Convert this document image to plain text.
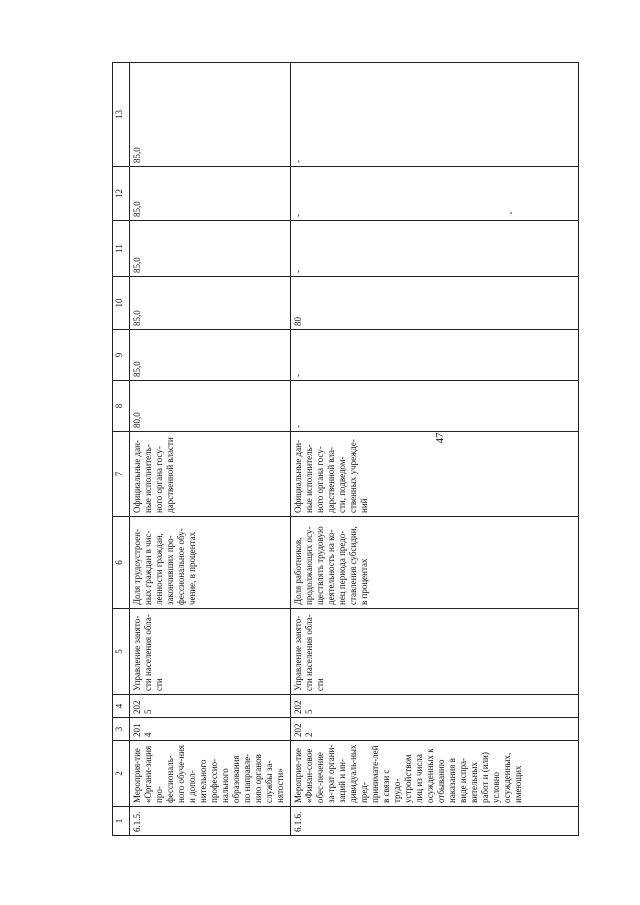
47
1	2	3	4	5	6	7	8	9	10	11	12	13
6.1.5.	Мероприя-тие «Органи-зация про-фессиональ-ного обуче-ния и допол-нительного профессио-нального образования по направле-нию органов службы за-нятости»	2014	2025	Управление занято-сти населения обла-сти	Доля трудоустроен-ных граждан в чис-ленности граждан, закончивших про-фессиональное обу-чение, в процентах	Официальные дан-ные исполнитель-ного органа госу-дарственной власти	80,0	85,0	85,0	85,0	85,0	85,0
6.1.6.	Мероприя-тие «Финан-совое обес-печение за-трат органи-заций и ин-дивидуаль-ных пред-принимате-лей в связи с трудо-устройством лиц из числа осужденных к отбыванию наказания в виде испра-вительных работ и (или) условно осужденных, имеющих	2022	2025	Управление занято-сти населения обла-сти	Доля работников, продолжающих осу-ществлять трудовую деятельность на ко-нец периода предо-ставления субсидии, в процентах	Официальные дан-ные исполнитель-ного органа госу-дарственной вла-сти, подведом-ственных учрежде-ний	-	-	80	-	-	-
